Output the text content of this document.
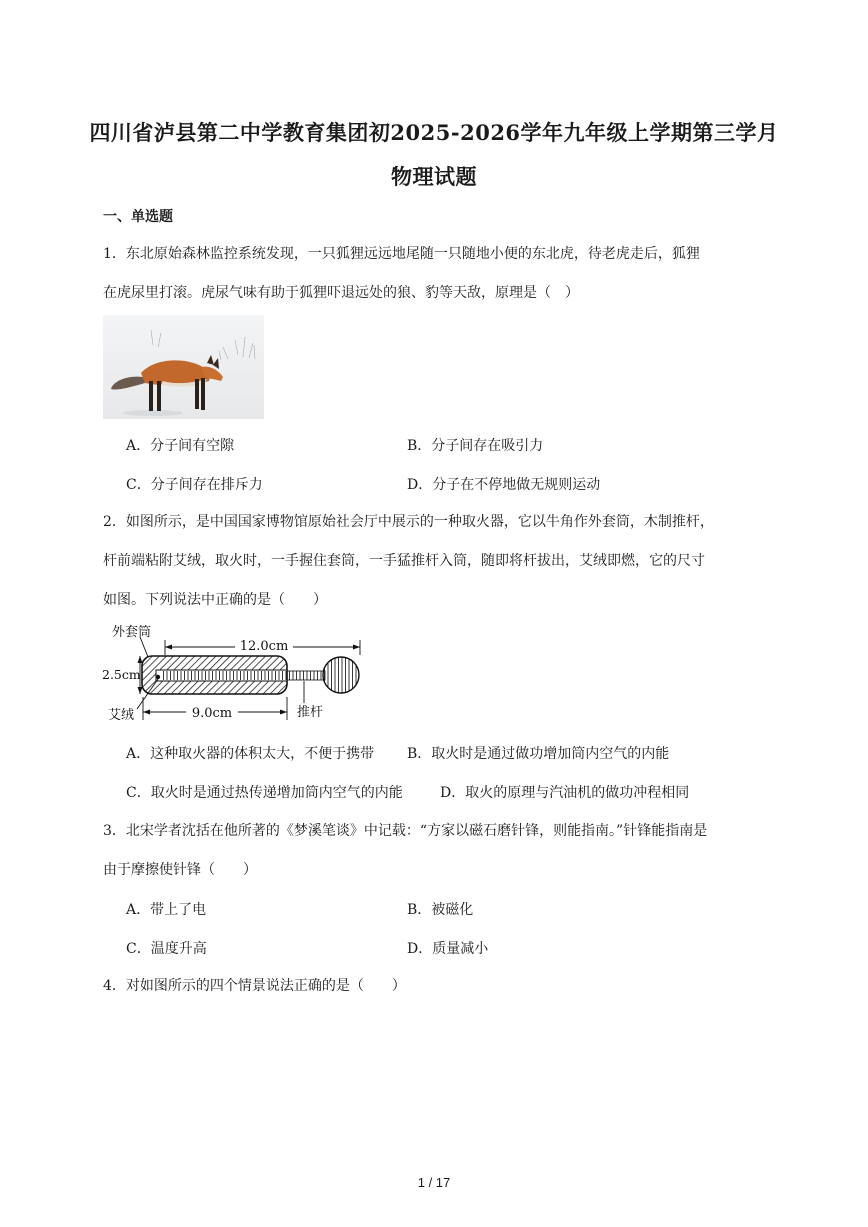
四川省泸县第二中学教育集团初2025-2026学年九年级上学期第三学月
物理试题
一、单选题
1．东北原始森林监控系统发现，一只狐狸远远地尾随一只随地小便的东北虎，待老虎走后，狐狸
在虎尿里打滚。虎尿气味有助于狐狸吓退远处的狼、豹等天敌，原理是（　）
A．分子间有空隙	B．分子间存在吸引力
C．分子间存在排斥力	D．分子在不停地做无规则运动
2．如图所示，是中国国家博物馆原始社会厅中展示的一种取火器，它以牛角作外套筒，木制推杆，
杆前端粘附艾绒，取火时，一手握住套筒，一手猛推杆入筒，随即将杆拔出，艾绒即燃，它的尺寸
如图。下列说法中正确的是（　　）
12.0cm
2.5cm
9.0cm
外套筒
艾绒	推杆
A．这种取火器的体积太大，不便于携带 B．取火时是通过做功增加筒内空气的内能
C．取火时是通过热传递增加筒内空气的内能	D．取火的原理与汽油机的做功冲程相同
3．北宋学者沈括在他所著的《梦溪笔谈》中记载：“方家以磁石磨针锋，则能指南。”针锋能指南是
由于摩擦使针锋（　　）
A．带上了电	B．被磁化
C．温度升高	D．质量减小
4．对如图所示的四个情景说法正确的是（　　）
1 / 17
